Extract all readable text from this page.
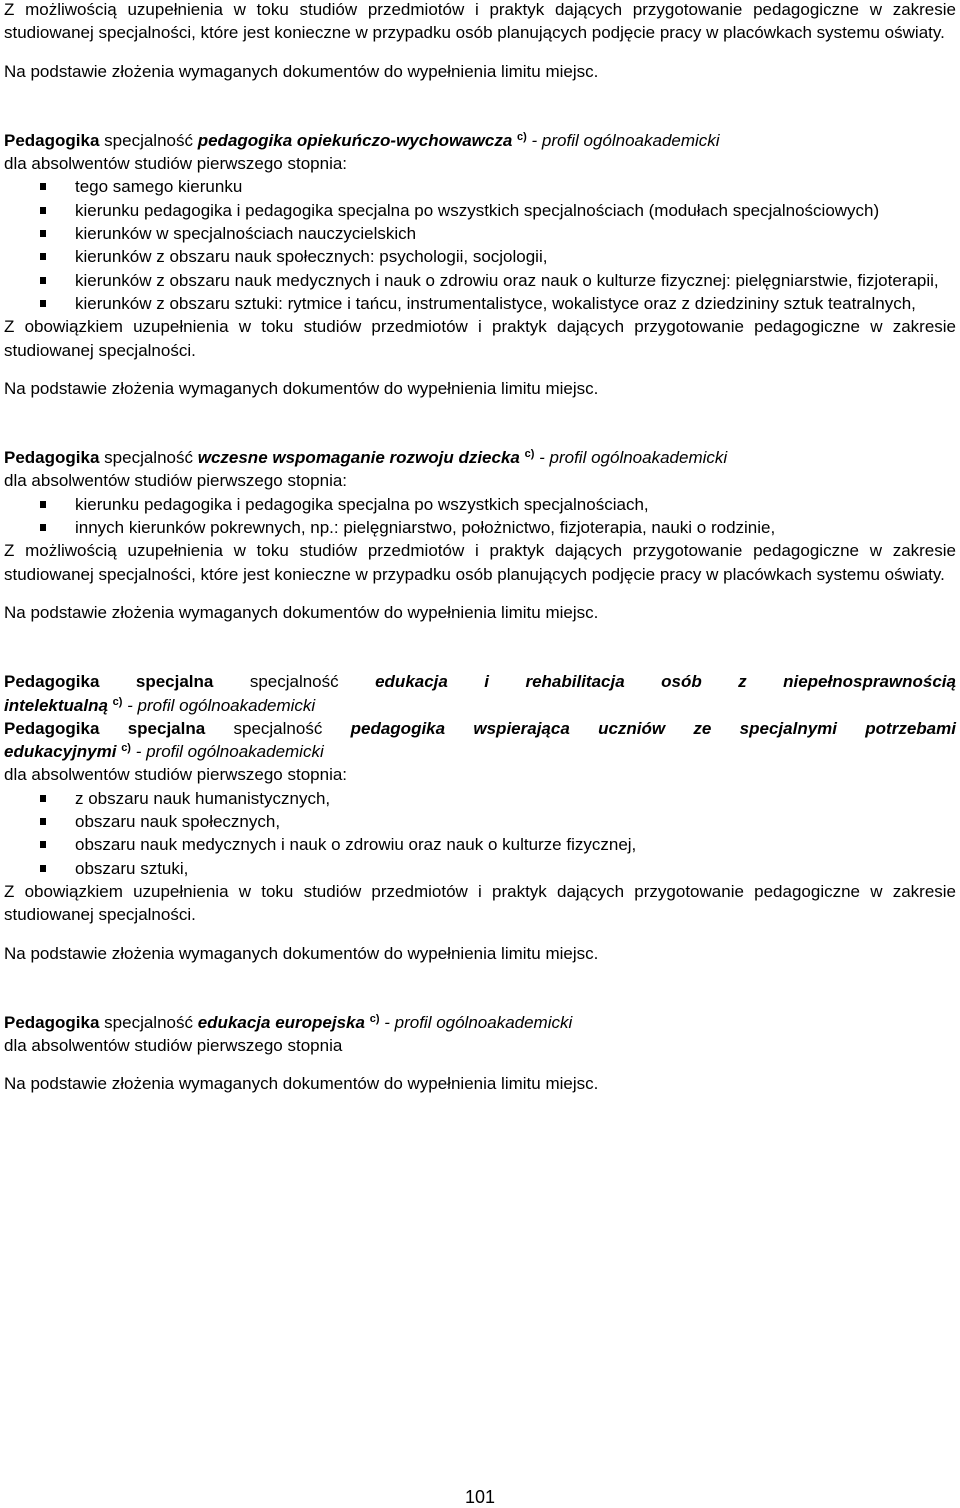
Z możliwością uzupełnienia w toku studiów przedmiotów i praktyk dających przygotowanie pedagogiczne w zakresie studiowanej specjalności, które jest konieczne w przypadku osób planujących podjęcie pracy w placówkach systemu oświaty.

Na podstawie złożenia wymaganych dokumentów do wypełnienia limitu miejsc.

Pedagogika specjalność pedagogika opiekuńczo-wychowawcza $^{c)}$ - profil ogólnoakademicki

dla absolwentów studiów pierwszego stopnia:

tego samego kierunku
kierunku pedagogika i pedagogika specjalna po wszystkich specjalnościach (modułach specjalnościowych)
kierunków w specjalnościach nauczycielskich
kierunków z obszaru nauk społecznych: psychologii, socjologii,
kierunków z obszaru nauk medycznych i nauk o zdrowiu oraz nauk o kulturze fizycznej: pielęgniarstwie, fizjoterapii,
kierunków z obszaru sztuki: rytmice i tańcu, instrumentalistyce, wokalistyce oraz z dziedzininy sztuk teatralnych,

Z obowiązkiem uzupełnienia w toku studiów przedmiotów i praktyk dających przygotowanie pedagogiczne w zakresie studiowanej specjalności.

Na podstawie złożenia wymaganych dokumentów do wypełnienia limitu miejsc.

Pedagogika specjalność wczesne wspomaganie rozwoju dziecka $^{c)}$ - profil ogólnoakademicki

dla absolwentów studiów pierwszego stopnia:

kierunku pedagogika i pedagogika specjalna po wszystkich specjalnościach,
innych kierunków pokrewnych, np.: pielęgniarstwo, położnictwo, fizjoterapia, nauki o rodzinie,

Z możliwością uzupełnienia w toku studiów przedmiotów i praktyk dających przygotowanie pedagogiczne w zakresie studiowanej specjalności, które jest konieczne w przypadku osób planujących podjęcie pracy w placówkach systemu oświaty.

Na podstawie złożenia wymaganych dokumentów do wypełnienia limitu miejsc.

Pedagogika specjalna specjalność edukacja i rehabilitacja osób z niepełnosprawnością

intelektualną $^{c)}$ - profil ogólnoakademicki

Pedagogika specjalna specjalność pedagogika wspierająca uczniów ze specjalnymi potrzebami

edukacyjnymi $^{c)}$ - profil ogólnoakademicki

dla absolwentów studiów pierwszego stopnia:

z obszaru nauk humanistycznych,
obszaru nauk społecznych,
obszaru nauk medycznych i nauk o zdrowiu oraz nauk o kulturze fizycznej,
obszaru sztuki,

Z obowiązkiem uzupełnienia w toku studiów przedmiotów i praktyk dających przygotowanie pedagogiczne w zakresie studiowanej specjalności.

Na podstawie złożenia wymaganych dokumentów do wypełnienia limitu miejsc.

Pedagogika specjalność edukacja europejska $^{c)}$ - profil ogólnoakademicki

dla absolwentów studiów pierwszego stopnia

Na podstawie złożenia wymaganych dokumentów do wypełnienia limitu miejsc.

101
